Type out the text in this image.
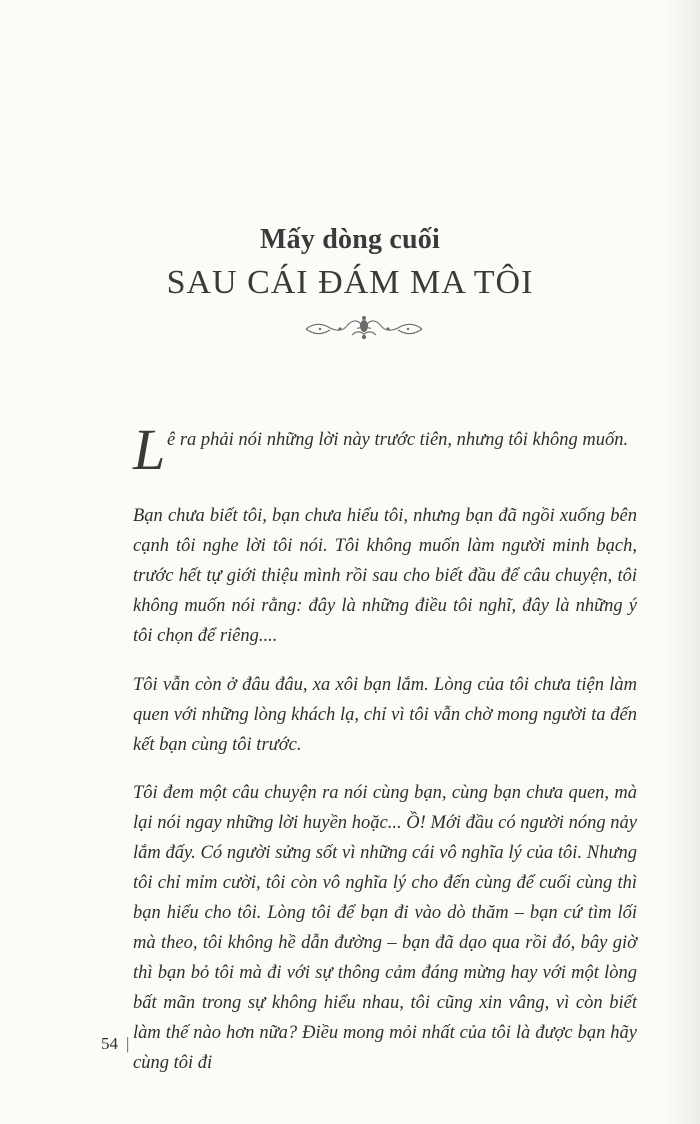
Mấy dòng cuối
SAU CÁI ĐÁM MA TÔI
L ê ra phải nói những lời này trước tiên, nhưng tôi không muốn.

Bạn chưa biết tôi, bạn chưa hiểu tôi, nhưng bạn đã ngồi xuống bên cạnh tôi nghe lời tôi nói. Tôi không muốn làm người minh bạch, trước hết tự giới thiệu mình rồi sau cho biết đầu để câu chuyện, tôi không muốn nói rằng: đây là những điều tôi nghĩ, đây là những ý tôi chọn để riêng....

Tôi vẫn còn ở đâu đâu, xa xôi bạn lắm. Lòng của tôi chưa tiện làm quen với những lòng khách lạ, chỉ vì tôi vẫn chờ mong người ta đến kết bạn cùng tôi trước.

Tôi đem một câu chuyện ra nói cùng bạn, cùng bạn chưa quen, mà lại nói ngay những lời huyền hoặc... Ồ! Mới đầu có người nóng nảy lắm đấy. Có người sửng sốt vì những cái vô nghĩa lý của tôi. Nhưng tôi chỉ mỉm cười, tôi còn vô nghĩa lý cho đến cùng để cuối cùng thì bạn hiểu cho tôi. Lòng tôi để bạn đi vào dò thăm – bạn cứ tìm lối mà theo, tôi không hề dẫn đường – bạn đã dạo qua rồi đó, bây giờ thì bạn bỏ tôi mà đi với sự thông cảm đáng mừng hay với một lòng bất mãn trong sự không hiểu nhau, tôi cũng xin vâng, vì còn biết làm thế nào hơn nữa? Điều mong mỏi nhất của tôi là được bạn hãy cùng tôi đi

54 |
